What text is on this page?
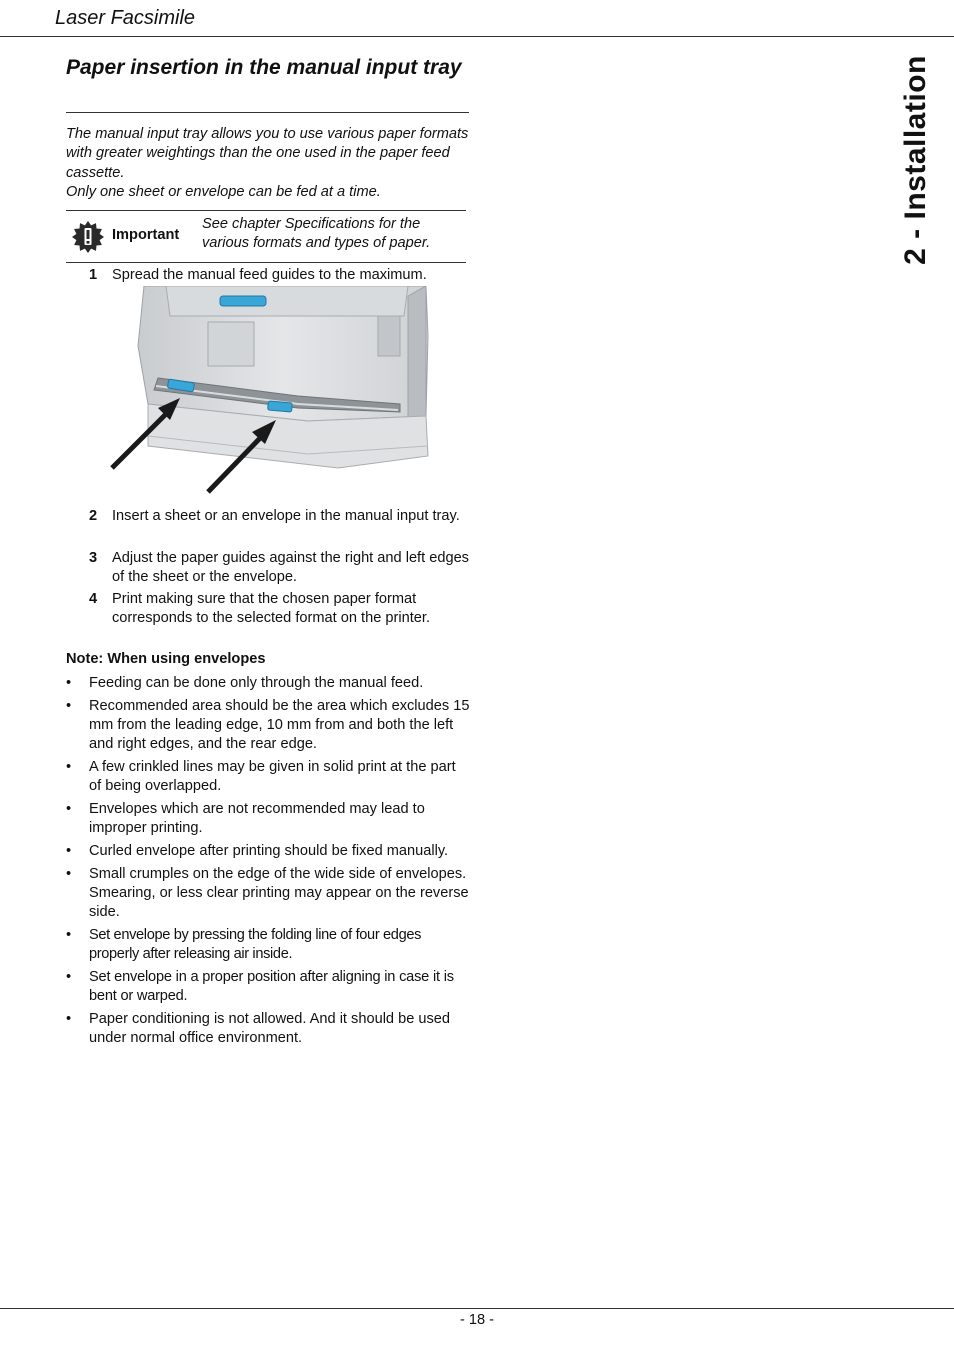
Laser Facsimile
2 - Installation
Paper insertion in the manual input tray

The manual input tray allows you to use various paper formats with greater weightings than the one used in the paper feed cassette.

Only one sheet or envelope can be fed at a time.

Important
See chapter Specifications for the various formats and types of paper.
1 Spread the manual feed guides to the maximum.
2 Insert a sheet or an envelope in the manual input tray.
3 Adjust the paper guides against the right and left edges of the sheet or the envelope.
4 Print making sure that the chosen paper format corresponds to the selected format on the printer.
Note: When using envelopes
• Feeding can be done only through the manual feed.
• Recommended area should be the area which excludes 15 mm from the leading edge, 10 mm from and both the left and right edges, and the rear edge.
• A few crinkled lines may be given in solid print at the part of being overlapped.
• Envelopes which are not recommended may lead to improper printing.
• Curled envelope after printing should be fixed manually.
• Small crumples on the edge of the wide side of envelopes. Smearing, or less clear printing may appear on the reverse side.
• Set envelope by pressing the folding line of four edges properly after releasing air inside.
• Set envelope in a proper position after aligning in case it is bent or warped.
• Paper conditioning is not allowed. And it should be used under normal office environment.
- 18 -
